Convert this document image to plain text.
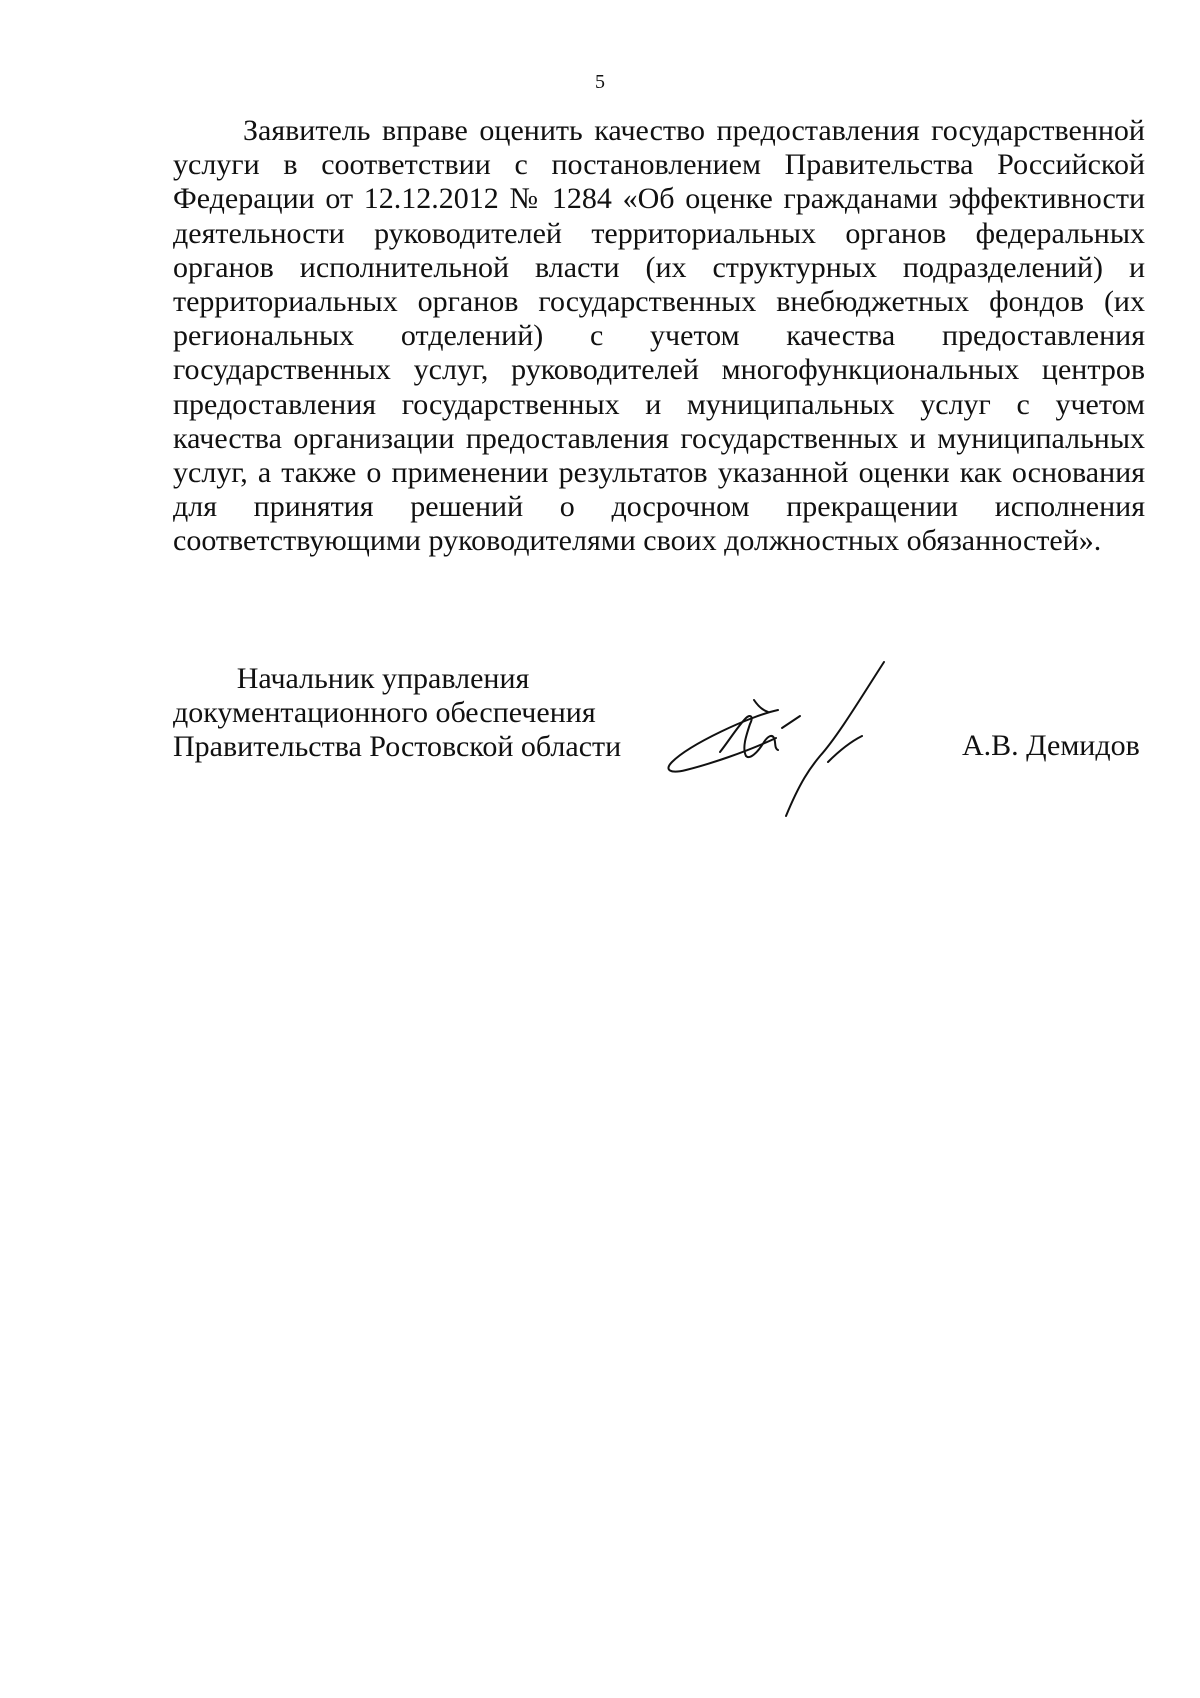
5

Заявитель вправе оценить качество предоставления государственной услуги в соответствии с постановлением Правительства Российской Федерации от 12.12.2012 № 1284 «Об оценке гражданами эффективности деятельности руководителей территориальных органов федеральных органов исполнительной власти (их структурных подразделений) и территориальных органов государственных внебюджетных фондов (их региональных отделений) с учетом качества предоставления государственных услуг, руководителей многофункциональных центров предоставления государственных и муниципальных услуг с учетом качества организации предоставления государственных и муниципальных услуг, а также о применении результатов указанной оценки как основания для принятия решений о досрочном прекращении исполнения соответствующими руководителями своих должностных обязанностей».

Начальник управления
документационного обеспечения
Правительства Ростовской области	А.В. Демидов
